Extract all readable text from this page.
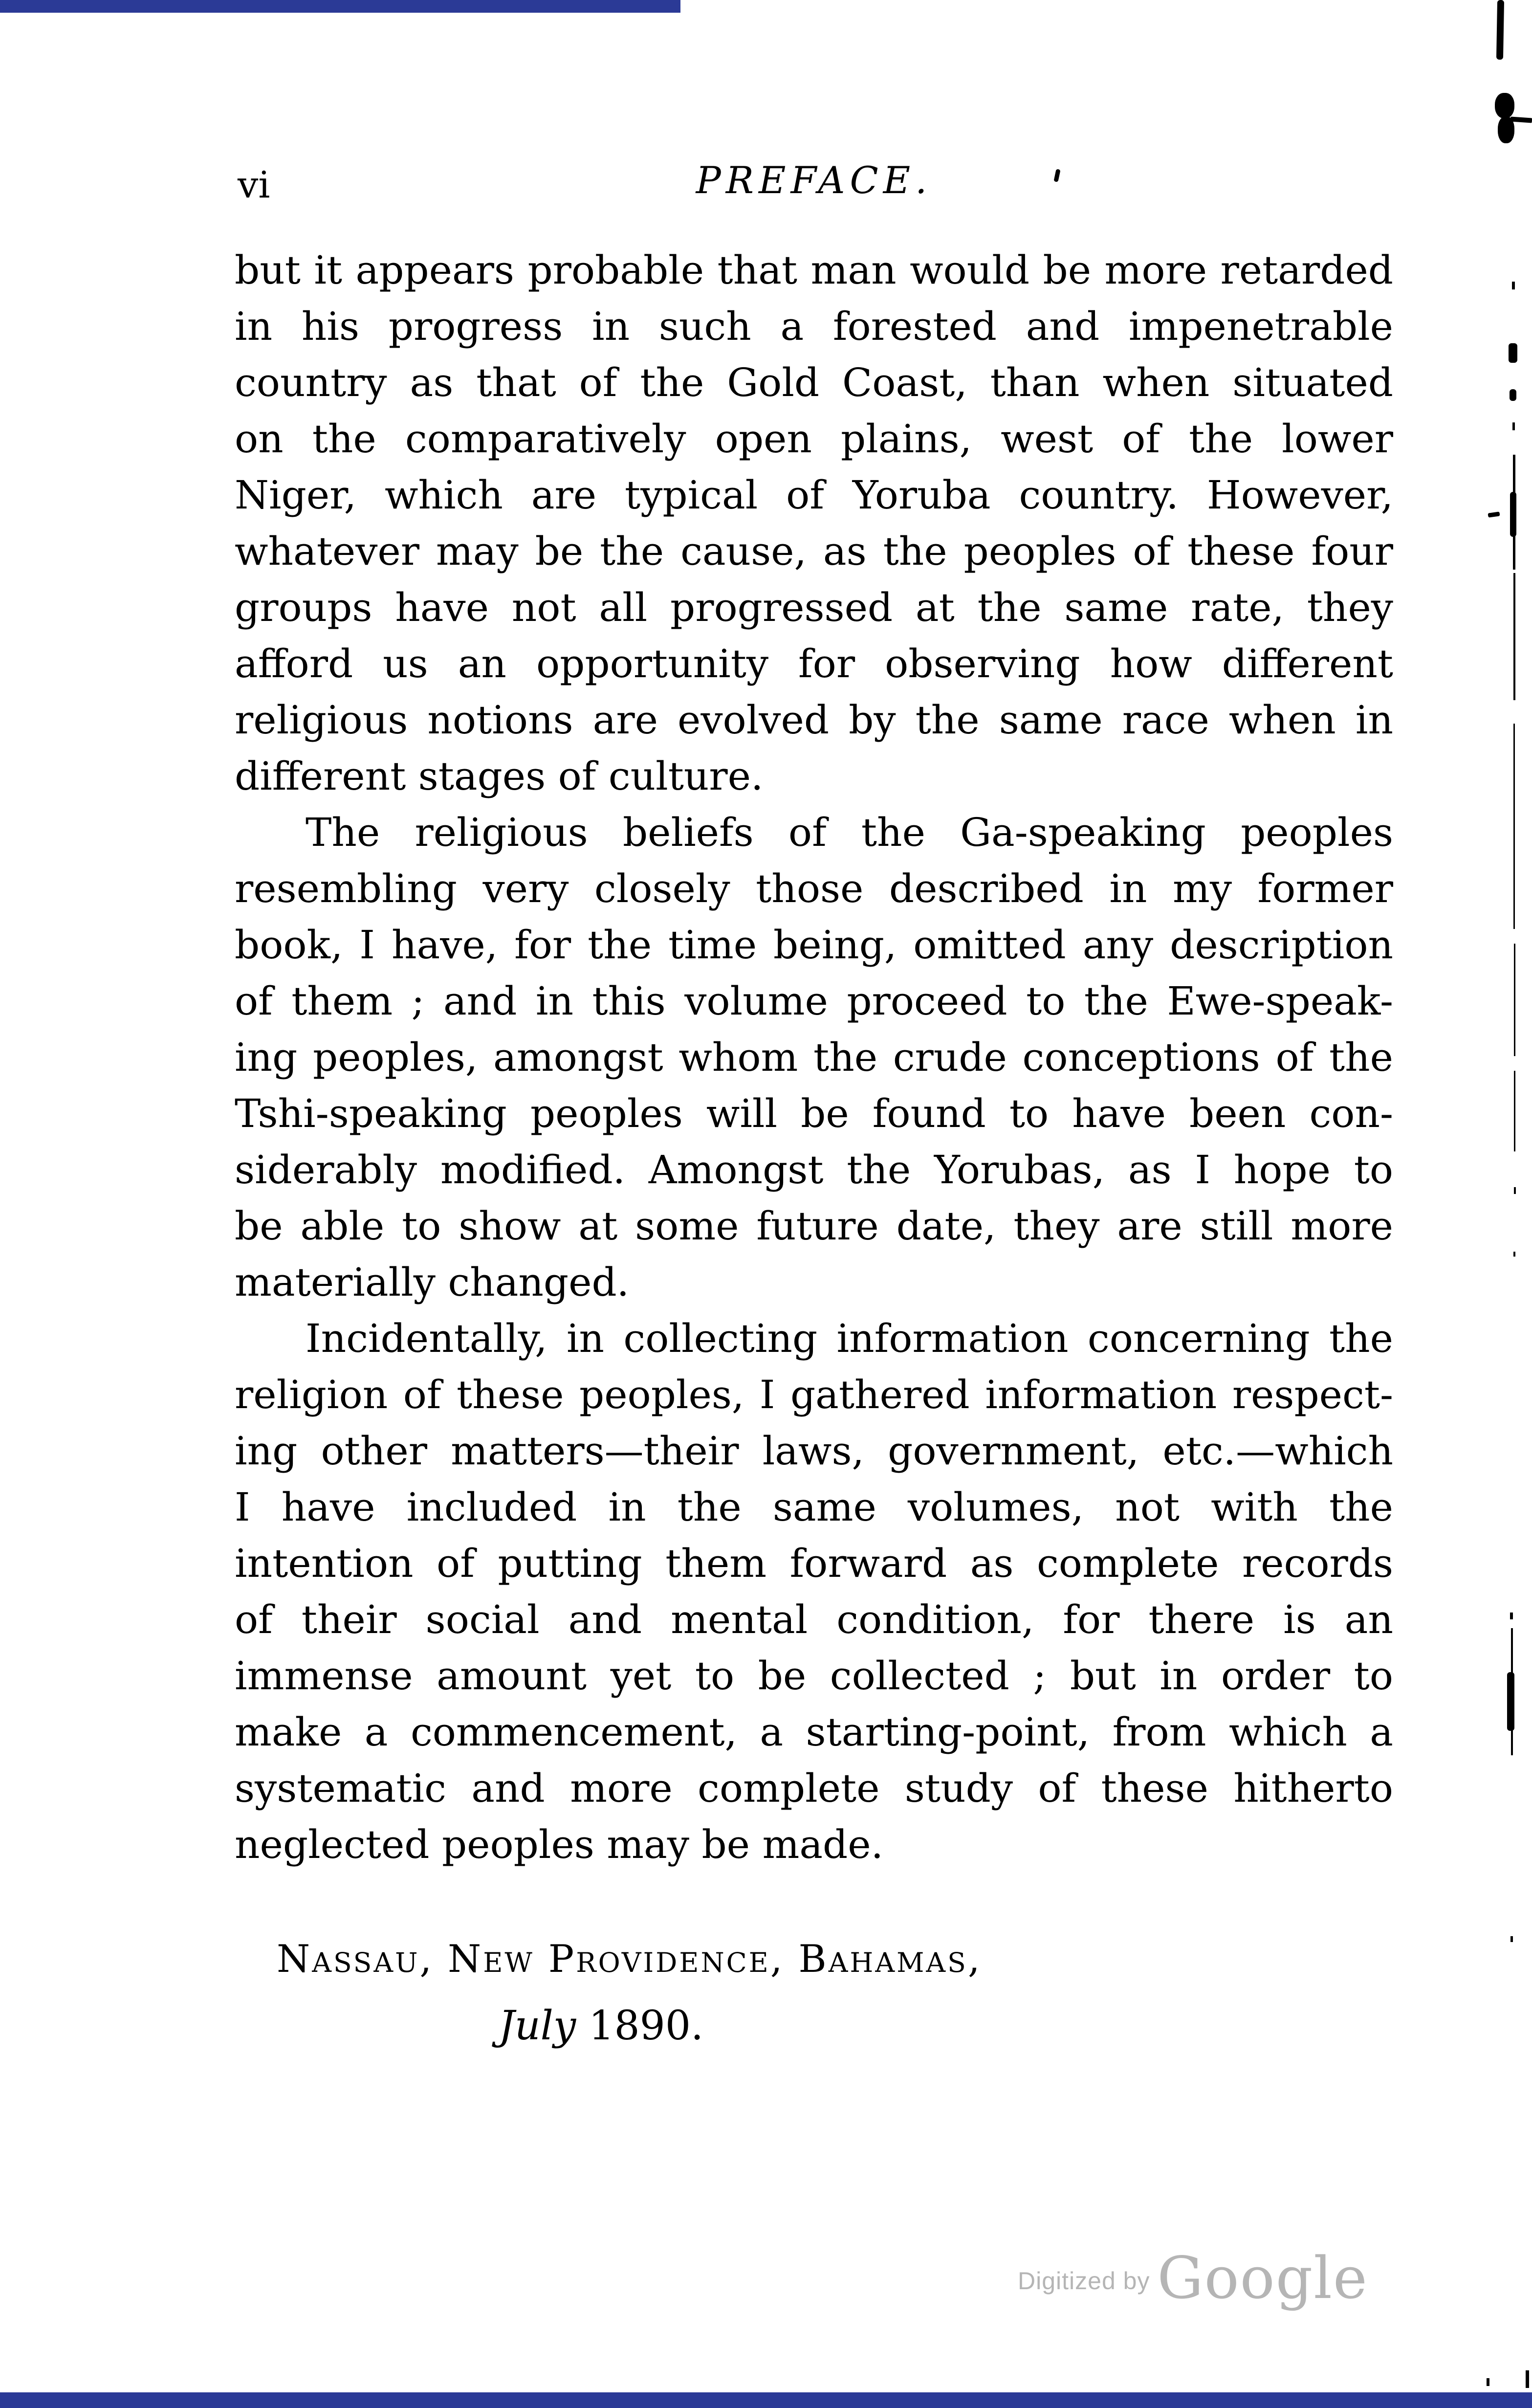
vi	PREFACE.
but it appears probable that man would be more retarded
in his progress in such a forested and impenetrable
country as that of the Gold Coast, than when situated
on the comparatively open plains, west of the lower
Niger, which are typical of Yoruba country. However,
whatever may be the cause, as the peoples of these four
groups have not all progressed at the same rate, they
afford us an opportunity for observing how different
religious notions are evolved by the same race when in
different stages of culture.
The religious beliefs of the Ga-speaking peoples
resembling very closely those described in my former
book, I have, for the time being, omitted any description
of them ; and in this volume proceed to the Ewe-speak-
ing peoples, amongst whom the crude conceptions of the
Tshi-speaking peoples will be found to have been con-
siderably modified. Amongst the Yorubas, as I hope to
be able to show at some future date, they are still more
materially changed.
Incidentally, in collecting information concerning the
religion of these peoples, I gathered information respect-
ing other matters—their laws, government, etc.—which
I have included in the same volumes, not with the
intention of putting them forward as complete records
of their social and mental condition, for there is an
immense amount yet to be collected ; but in order to
make a commencement, a starting-point, from which a
systematic and more complete study of these hitherto
neglected peoples may be made.
Nassau, New Providence, Bahamas,
July 1890.
Digitized by Google
